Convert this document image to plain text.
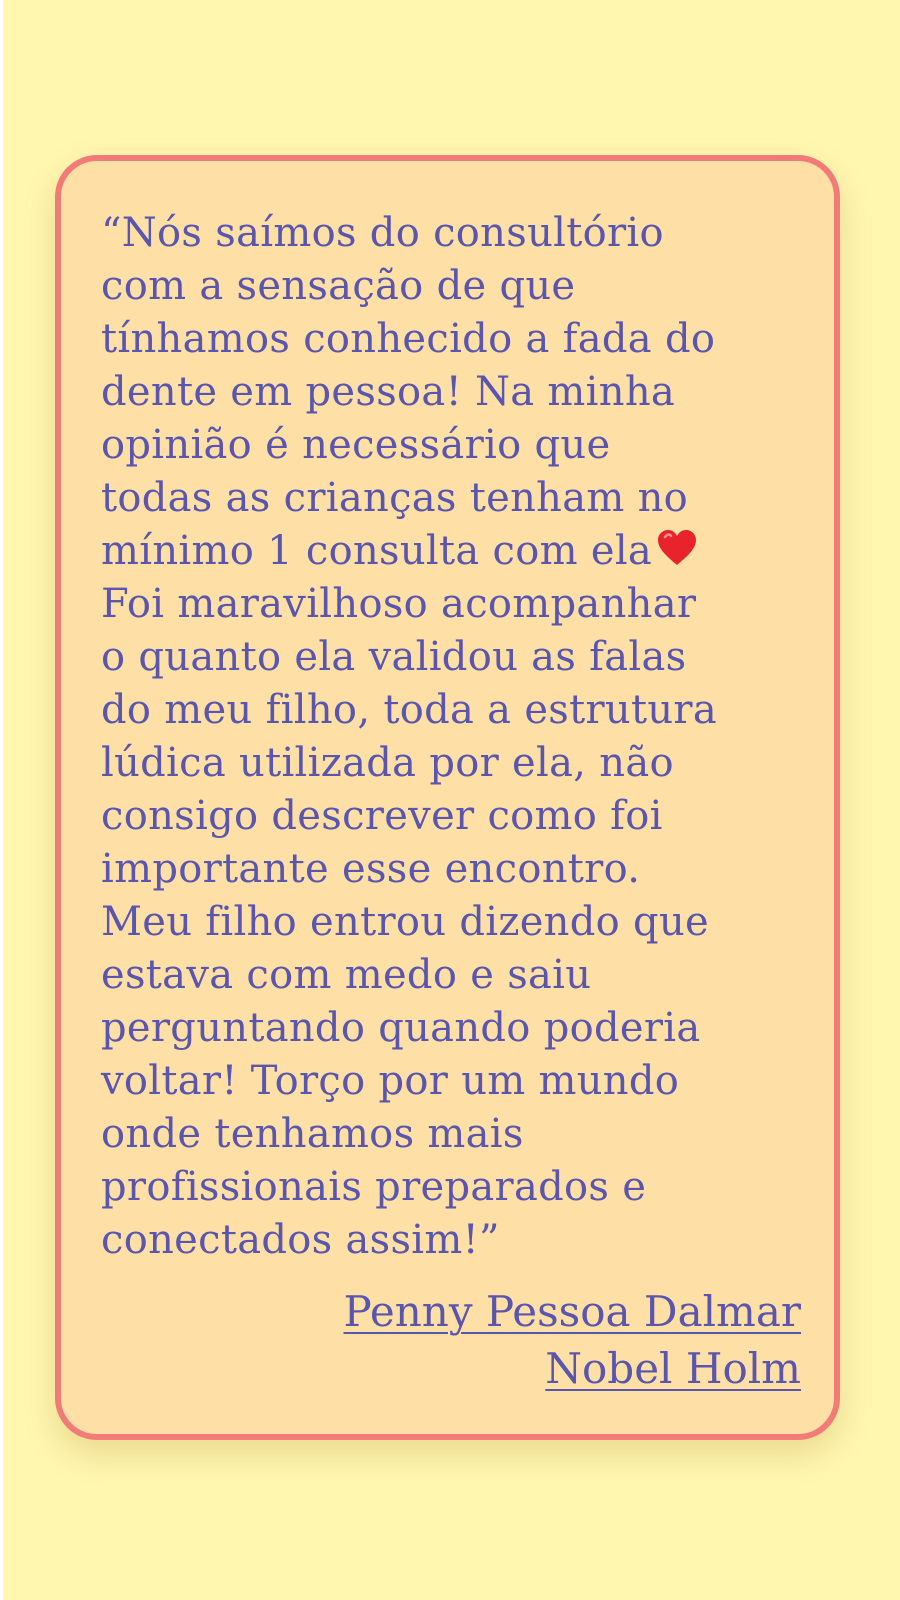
“Nós saímos do consultório
com a sensação de que
tínhamos conhecido a fada do
dente em pessoa! Na minha
opinião é necessário que
todas as crianças tenham no
mínimo 1 consulta com ela
Foi maravilhoso acompanhar
o quanto ela validou as falas
do meu filho, toda a estrutura
lúdica utilizada por ela, não
consigo descrever como foi
importante esse encontro.
Meu filho entrou dizendo que
estava com medo e saiu
perguntando quando poderia
voltar! Torço por um mundo
onde tenhamos mais
profissionais preparados e
conectados assim!”

Penny Pessoa Dalmar
Nobel Holm
